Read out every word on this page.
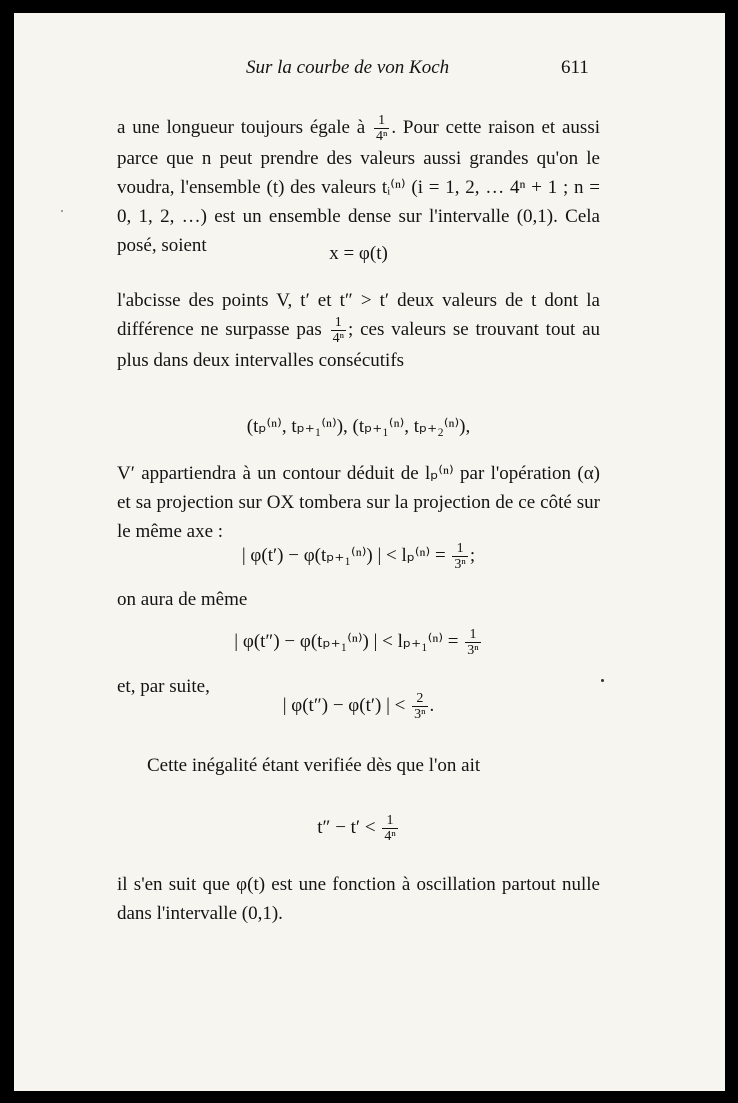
Sur la courbe de von Koch	611

a une longueur toujours égale à $\frac{1}{\text{4ⁿ}}$ . Pour cette raison et aussi parce que n peut prendre des valeurs aussi grandes qu'on le voudra, l'ensemble (t) des valeurs tᵢ⁽ⁿ⁾ (i = 1, 2, … 4ⁿ + 1 ; n = 0, 1, 2, …) est un ensemble dense sur l'intervalle (0,1). Cela posé, soient	x = φ(t)

l'abcisse des points V, t′ et t″ > t′ deux valeurs de t dont la différence ne surpasse pas $\frac{1}{\text{4ⁿ}}$ ; ces valeurs se trouvant tout au plus dans deux intervalles consécutifs

(tₚ⁽ⁿ⁾, tₚ₊₁⁽ⁿ⁾), (tₚ₊₁⁽ⁿ⁾, tₚ₊₂⁽ⁿ⁾),

V′ appartiendra à un contour déduit de lₚ⁽ⁿ⁾ par l'opération (α) et sa projection sur OX tombera sur la projection de ce côté sur le même axe :

| φ(t′) − φ(tₚ₊₁⁽ⁿ⁾) | < $l_p^{(n)} = \frac{1}{\text{3ⁿ}}$ ;

on aura de même

| φ(t″) − φ(tₚ₊₁⁽ⁿ⁾) | < $l_{p+1}^{(n)} = \frac{1}{\text{3ⁿ}}$

et, par suite,

| φ(t″) − φ(t′) | < $\frac{2}{\text{3ⁿ}}$ .

Cette inégalité étant verifiée dès que l'on ait

$t'' - t' < \frac{1}{\text{4ⁿ}}$

il s'en suit que φ(t) est une fonction à oscillation partout nulle dans l'intervalle (0,1).
